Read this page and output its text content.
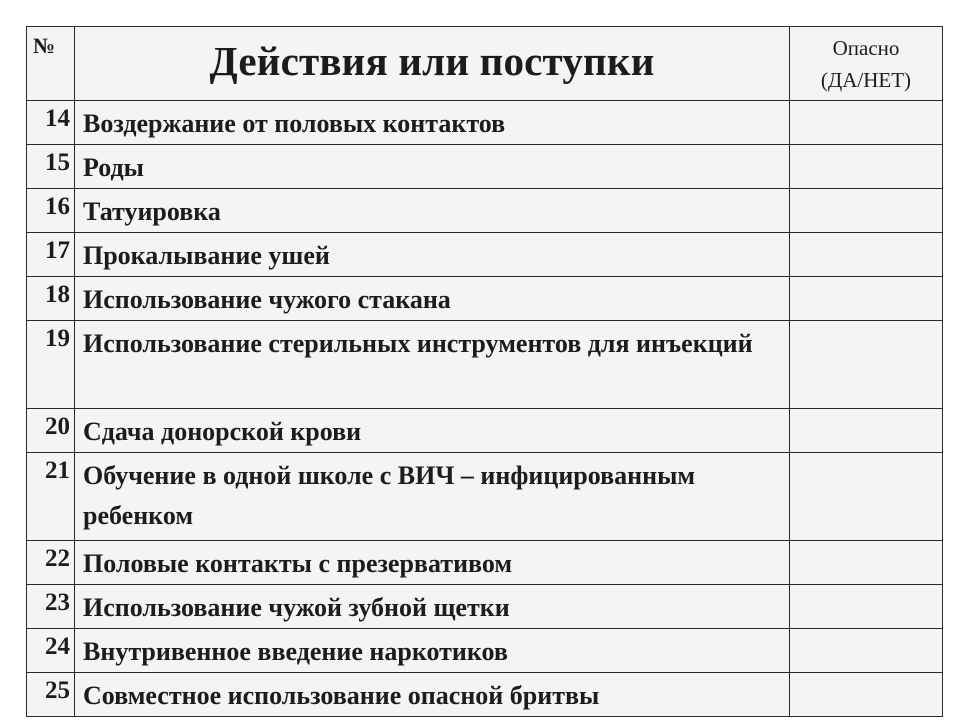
№	Действия или поступки	Опасно
(ДА/НЕТ)

14	Воздержание от половых контактов	
15	Роды	
16	Татуировка	
17	Прокалывание ушей	
18	Использование чужого стакана	
19	Использование стерильных инструментов для инъекций	
20	Сдача донорской крови	
21	Обучение в одной школе с ВИЧ – инфицированным ребенком	
22	Половые контакты с презервативом	
23	Использование чужой зубной щетки	
24	Внутривенное введение наркотиков	
25	Совместное использование опасной бритвы	
